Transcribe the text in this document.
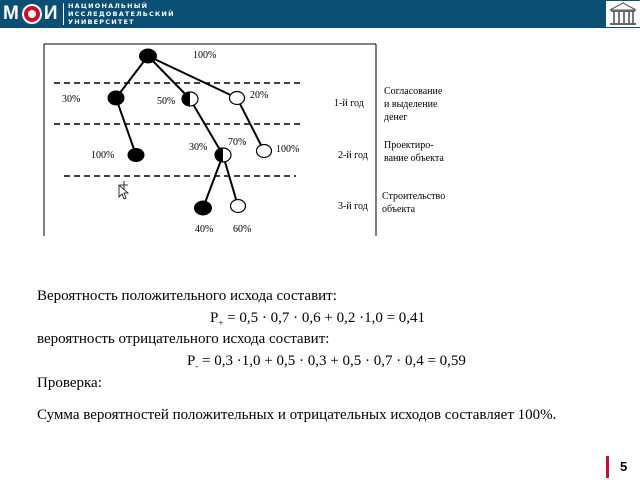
М И НАЦИОНАЛЬНЫЙ
ИССЛЕДОВАТЕЛЬСКИЙ
УНИВЕРСИТЕТ
100%
30%	50%
20%
100%
30% 70%
100%
40% 60%
1-й год
Согласование
и выделение
денег
2-й год
Проектиро-
вание объекта
3-й год
Строительство
объекта
Вероятность положительного исхода составит:
$P_+ = 0,5 \cdot 0,7 \cdot 0,6 + 0,2 \cdot 1,0 = 0,41$
вероятность отрицательного исхода составит:
$P_- = 0,3 \cdot 1,0 + 0,5 \cdot 0,3 + 0,5 \cdot 0,7 \cdot 0,4 = 0,59$
Проверка:
Сумма вероятностей положительных и отрицательных исходов составляет 100%.
5
